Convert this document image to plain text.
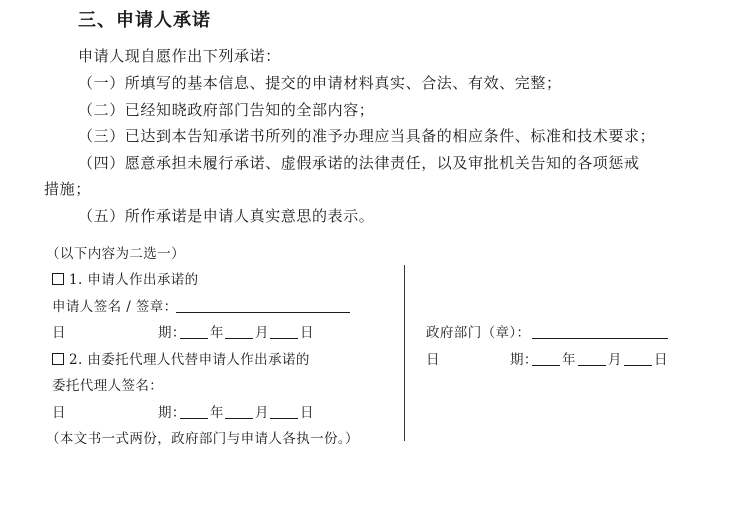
三、申请人承诺
申请人现自愿作出下列承诺：
（一）所填写的基本信息、提交的申请材料真实、合法、有效、完整；
（二）已经知晓政府部门告知的全部内容；
（三）已达到本告知承诺书所列的准予办理应当具备的相应条件、标准和技术要求；
（四）愿意承担未履行承诺、虚假承诺的法律责任，以及审批机关告知的各项惩戒
措施；
（五）所作承诺是申请人真实意思的表示。
（以下内容为二选一）
1. 申请人作出承诺的
申请人签名 / 签章：
日	期： 年 月 日
2. 由委托代理人代替申请人作出承诺的
委托代理人签名：
日	期： 年 月 日
（本文书一式两份，政府部门与申请人各执一份。）
政府部门（章）：
日	期： 年 月 日
